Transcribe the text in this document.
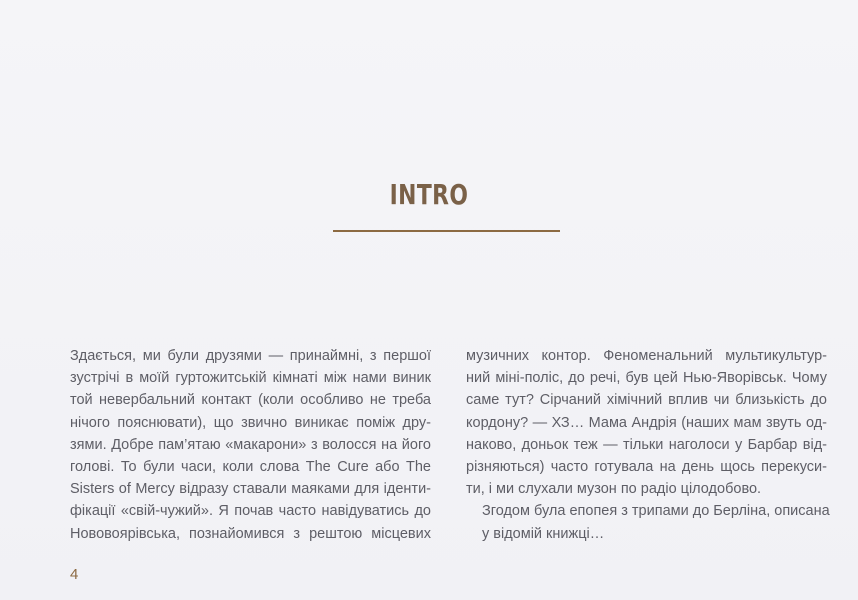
INTRO

Здається, ми були друзями — принаймні, з першої
зустрічі в моїй гуртожитській кімнаті між нами виник
той невербальний контакт (коли особливо не треба
нічого пояснювати), що звично виникає поміж дру-
зями. Добре пам’ятаю «макарони» з волосся на його
голові. То були часи, коли слова The Cure або The
Sisters of Mercy відразу ставали маяками для іденти-
фікації «свій-чужий». Я почав часто навідуватись до
Нововоярівська, познайомився з рештою місцевих

музичних контор. Феноменальний мультикультур-
ний міні-поліс, до речі, був цей Нью-Яворівськ. Чому
саме тут? Сірчаний хімічний вплив чи близькість до
кордону? — ХЗ… Мама Андрія (наших мам звуть од-
наково, доньок теж — тільки наголоси у Барбар від-
різняються) часто готувала на день щось перекуси-
ти, і ми слухали музон по радіо цілодобово.

Згодом була епопея з трипами до Берліна, описана
у відомій книжці…

4
